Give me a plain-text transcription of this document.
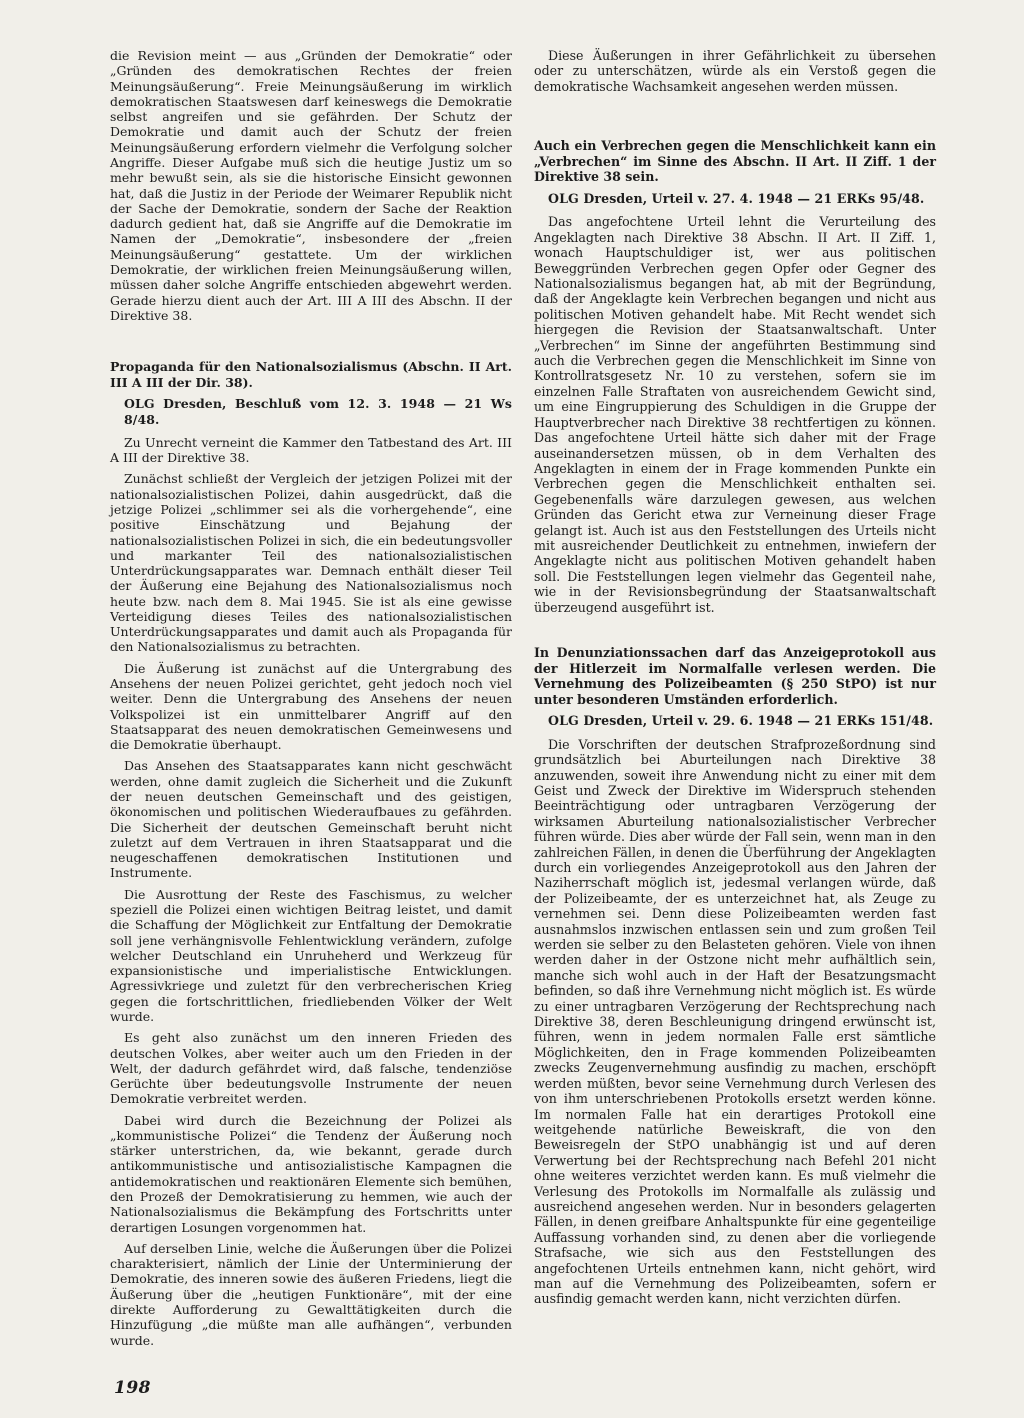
die Revision meint — aus „Gründen der Demokratie“ oder „Gründen des demokratischen Rechtes der freien Meinungsäußerung“. Freie Meinungsäußerung im wirklich demokratischen Staatswesen darf keineswegs die Demokratie selbst angreifen und sie gefährden. Der Schutz der Demokratie und damit auch der Schutz der freien Meinungsäußerung erfordern vielmehr die Verfolgung solcher Angriffe. Dieser Aufgabe muß sich die heutige Justiz um so mehr bewußt sein, als sie die historische Einsicht gewonnen hat, daß die Justiz in der Periode der Weimarer Republik nicht der Sache der Demokratie, sondern der Sache der Reaktion dadurch gedient hat, daß sie Angriffe auf die Demokratie im Namen der „Demokratie“, insbesondere der „freien Meinungsäußerung“ gestattete. Um der wirklichen Demokratie, der wirklichen freien Meinungsäußerung willen, müssen daher solche Angriffe entschieden abgewehrt werden. Gerade hierzu dient auch der Art. III A III des Abschn. II der Direktive 38.

Propaganda für den Nationalsozialismus (Abschn. II Art. III A III der Dir. 38).
OLG Dresden, Beschluß vom 12. 3. 1948 — 21 Ws 8/48.

Zu Unrecht verneint die Kammer den Tatbestand des Art. III A III der Direktive 38.

Zunächst schließt der Vergleich der jetzigen Polizei mit der nationalsozialistischen Polizei, dahin ausgedrückt, daß die jetzige Polizei „schlimmer sei als die vorhergehende“, eine positive Einschätzung und Bejahung der nationalsozialistischen Polizei in sich, die ein bedeutungsvoller und markanter Teil des nationalsozialistischen Unterdrückungsapparates war. Demnach enthält dieser Teil der Äußerung eine Bejahung des Nationalsozialismus noch heute bzw. nach dem 8. Mai 1945. Sie ist als eine gewisse Verteidigung dieses Teiles des nationalsozialistischen Unterdrückungsapparates und damit auch als Propaganda für den Nationalsozialismus zu betrachten.

Die Äußerung ist zunächst auf die Untergrabung des Ansehens der neuen Polizei gerichtet, geht jedoch noch viel weiter. Denn die Untergrabung des Ansehens der neuen Volkspolizei ist ein unmittelbarer Angriff auf den Staatsapparat des neuen demokratischen Gemeinwesens und die Demokratie überhaupt.

Das Ansehen des Staatsapparates kann nicht geschwächt werden, ohne damit zugleich die Sicherheit und die Zukunft der neuen deutschen Gemeinschaft und des geistigen, ökonomischen und politischen Wiederaufbaues zu gefährden. Die Sicherheit der deutschen Gemeinschaft beruht nicht zuletzt auf dem Vertrauen in ihren Staatsapparat und die neugeschaffenen demokratischen Institutionen und Instrumente.

Die Ausrottung der Reste des Faschismus, zu welcher speziell die Polizei einen wichtigen Beitrag leistet, und damit die Schaffung der Möglichkeit zur Entfaltung der Demokratie soll jene verhängnisvolle Fehlentwicklung verändern, zufolge welcher Deutschland ein Unruheherd und Werkzeug für expansionistische und imperialistische Entwicklungen. Agressivkriege und zuletzt für den verbrecherischen Krieg gegen die fortschrittlichen, friedliebenden Völker der Welt wurde.

Es geht also zunächst um den inneren Frieden des deutschen Volkes, aber weiter auch um den Frieden in der Welt, der dadurch gefährdet wird, daß falsche, tendenziöse Gerüchte über bedeutungsvolle Instrumente der neuen Demokratie verbreitet werden.

Dabei wird durch die Bezeichnung der Polizei als „kommunistische Polizei“ die Tendenz der Äußerung noch stärker unterstrichen, da, wie bekannt, gerade durch antikommunistische und antisozialistische Kampagnen die antidemokratischen und reaktionären Elemente sich bemühen, den Prozeß der Demokratisierung zu hemmen, wie auch der Nationalsozialismus die Bekämpfung des Fortschritts unter derartigen Losungen vorgenommen hat.

Auf derselben Linie, welche die Äußerungen über die Polizei charakterisiert, nämlich der Linie der Unterminierung der Demokratie, des inneren sowie des äußeren Friedens, liegt die Äußerung über die „heutigen Funktionäre“, mit der eine direkte Aufforderung zu Gewalttätigkeiten durch die Hinzufügung „die müßte man alle aufhängen“, verbunden wurde.

Diese Äußerungen in ihrer Gefährlichkeit zu übersehen oder zu unterschätzen, würde als ein Verstoß gegen die demokratische Wachsamkeit angesehen werden müssen.

Auch ein Verbrechen gegen die Menschlichkeit kann ein „Verbrechen“ im Sinne des Abschn. II Art. II Ziff. 1 der Direktive 38 sein.
OLG Dresden, Urteil v. 27. 4. 1948 — 21 ERKs 95/48.

Das angefochtene Urteil lehnt die Verurteilung des Angeklagten nach Direktive 38 Abschn. II Art. II Ziff. 1, wonach Hauptschuldiger ist, wer aus politischen Beweggründen Verbrechen gegen Opfer oder Gegner des Nationalsozialismus begangen hat, ab mit der Begründung, daß der Angeklagte kein Verbrechen begangen und nicht aus politischen Motiven gehandelt habe. Mit Recht wendet sich hiergegen die Revision der Staatsanwaltschaft. Unter „Verbrechen“ im Sinne der angeführten Bestimmung sind auch die Verbrechen gegen die Menschlichkeit im Sinne von Kontrollratsgesetz Nr. 10 zu verstehen, sofern sie im einzelnen Falle Straftaten von ausreichendem Gewicht sind, um eine Eingruppierung des Schuldigen in die Gruppe der Hauptverbrecher nach Direktive 38 rechtfertigen zu können. Das angefochtene Urteil hätte sich daher mit der Frage auseinandersetzen müssen, ob in dem Verhalten des Angeklagten in einem der in Frage kommenden Punkte ein Verbrechen gegen die Menschlichkeit enthalten sei. Gegebenenfalls wäre darzulegen gewesen, aus welchen Gründen das Gericht etwa zur Verneinung dieser Frage gelangt ist. Auch ist aus den Feststellungen des Urteils nicht mit ausreichender Deutlichkeit zu entnehmen, inwiefern der Angeklagte nicht aus politischen Motiven gehandelt haben soll. Die Feststellungen legen vielmehr das Gegenteil nahe, wie in der Revisionsbegründung der Staatsanwaltschaft überzeugend ausgeführt ist.

In Denunziationssachen darf das Anzeigeprotokoll aus der Hitlerzeit im Normalfalle verlesen werden. Die Vernehmung des Polizeibeamten (§ 250 StPO) ist nur unter besonderen Umständen erforderlich.
OLG Dresden, Urteil v. 29. 6. 1948 — 21 ERKs 151/48.

Die Vorschriften der deutschen Strafprozeßordnung sind grundsätzlich bei Aburteilungen nach Direktive 38 anzuwenden, soweit ihre Anwendung nicht zu einer mit dem Geist und Zweck der Direktive im Widerspruch stehenden Beeinträchtigung oder untragbaren Verzögerung der wirksamen Aburteilung nationalsozialistischer Verbrecher führen würde. Dies aber würde der Fall sein, wenn man in den zahlreichen Fällen, in denen die Überführung der Angeklagten durch ein vorliegendes Anzeigeprotokoll aus den Jahren der Naziherrschaft möglich ist, jedesmal verlangen würde, daß der Polizeibeamte, der es unterzeichnet hat, als Zeuge zu vernehmen sei. Denn diese Polizeibeamten werden fast ausnahmslos inzwischen entlassen sein und zum großen Teil werden sie selber zu den Belasteten gehören. Viele von ihnen werden daher in der Ostzone nicht mehr aufhältlich sein, manche sich wohl auch in der Haft der Besatzungsmacht befinden, so daß ihre Vernehmung nicht möglich ist. Es würde zu einer untragbaren Verzögerung der Rechtsprechung nach Direktive 38, deren Beschleunigung dringend erwünscht ist, führen, wenn in jedem normalen Falle erst sämtliche Möglichkeiten, den in Frage kommenden Polizeibeamten zwecks Zeugenvernehmung ausfindig zu machen, erschöpft werden müßten, bevor seine Vernehmung durch Verlesen des von ihm unterschriebenen Protokolls ersetzt werden könne. Im normalen Falle hat ein derartiges Protokoll eine weitgehende natürliche Beweiskraft, die von den Beweisregeln der StPO unabhängig ist und auf deren Verwertung bei der Rechtsprechung nach Befehl 201 nicht ohne weiteres verzichtet werden kann. Es muß vielmehr die Verlesung des Protokolls im Normalfalle als zulässig und ausreichend angesehen werden. Nur in besonders gelagerten Fällen, in denen greifbare Anhaltspunkte für eine gegenteilige Auffassung vorhanden sind, zu denen aber die vorliegende Strafsache, wie sich aus den Feststellungen des angefochtenen Urteils entnehmen kann, nicht gehört, wird man auf die Vernehmung des Polizeibeamten, sofern er ausfindig gemacht werden kann, nicht verzichten dürfen.

198
